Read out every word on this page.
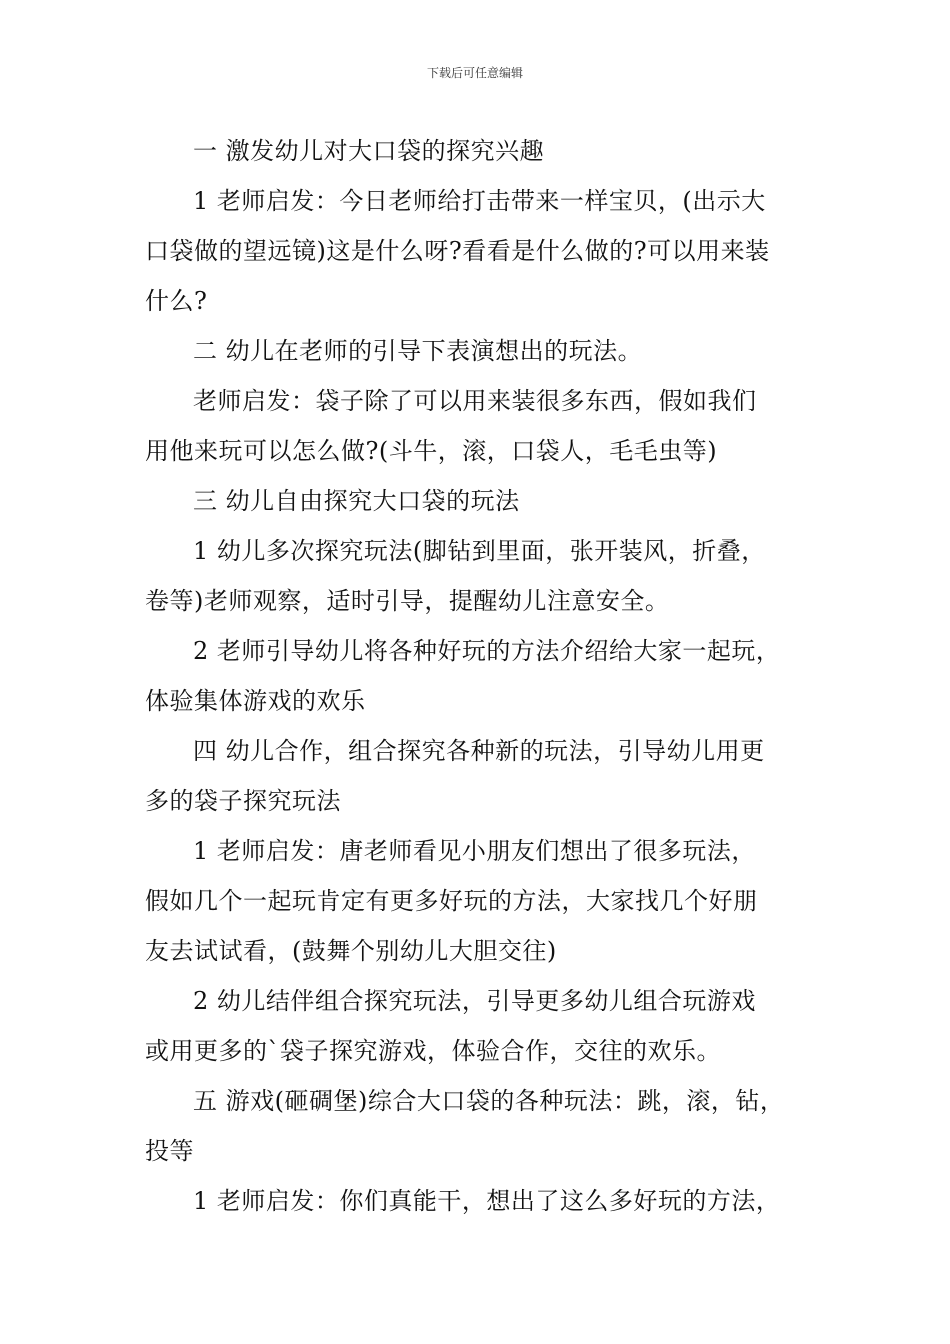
下载后可任意编辑

一 激发幼儿对大口袋的探究兴趣

1 老师启发：今日老师给打击带来一样宝贝，(出示大

口袋做的望远镜)这是什么呀?看看是什么做的?可以用来装

什么?

二 幼儿在老师的引导下表演想出的玩法。

老师启发：袋子除了可以用来装很多东西，假如我们

用他来玩可以怎么做?(斗牛，滚，口袋人，毛毛虫等)

三 幼儿自由探究大口袋的玩法

1 幼儿多次探究玩法(脚钻到里面，张开装风，折叠，

卷等)老师观察，适时引导，提醒幼儿注意安全。

2 老师引导幼儿将各种好玩的方法介绍给大家一起玩，

体验集体游戏的欢乐

四 幼儿合作，组合探究各种新的玩法，引导幼儿用更

多的袋子探究玩法

1 老师启发：唐老师看见小朋友们想出了很多玩法，

假如几个一起玩肯定有更多好玩的方法，大家找几个好朋

友去试试看，(鼓舞个别幼儿大胆交往)

2 幼儿结伴组合探究玩法，引导更多幼儿组合玩游戏

或用更多的`袋子探究游戏，体验合作，交往的欢乐。

五 游戏(砸碉堡)综合大口袋的各种玩法：跳，滚，钻，

投等

1 老师启发：你们真能干，想出了这么多好玩的方法，
